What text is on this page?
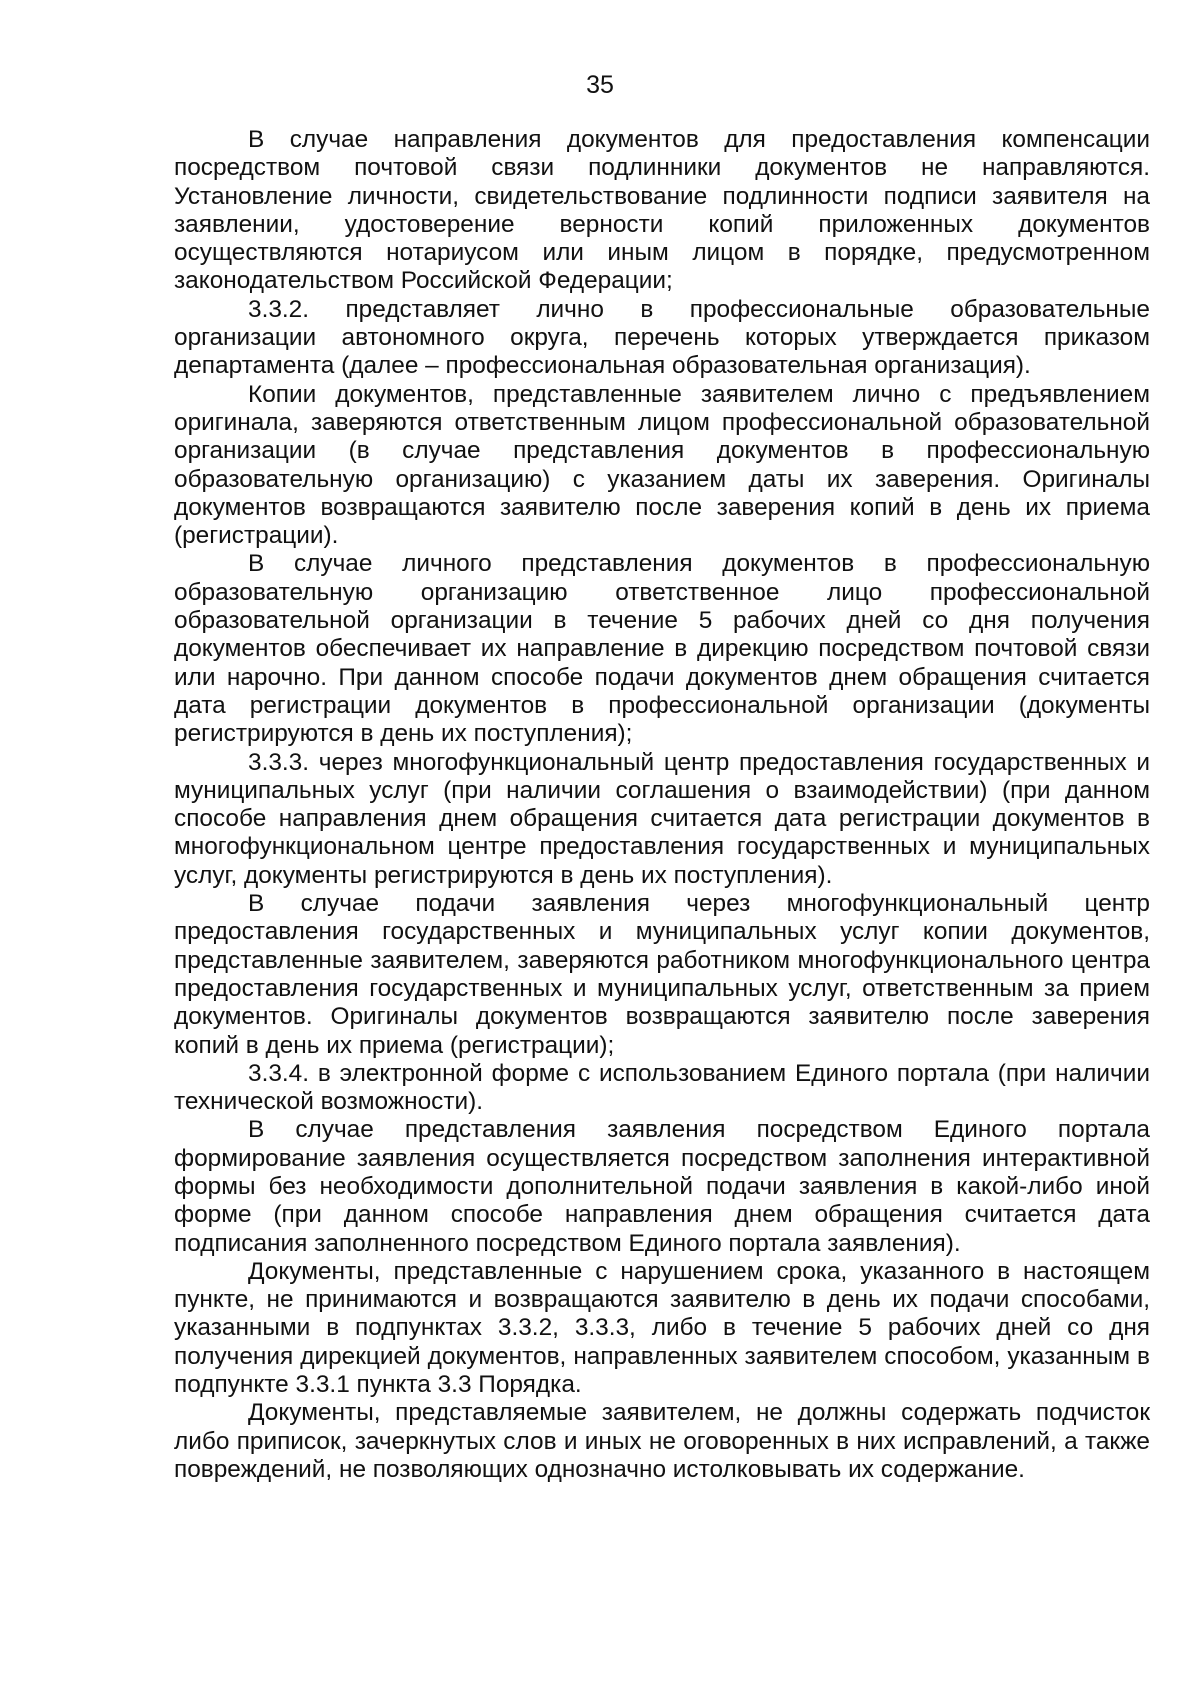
35

В случае направления документов для предоставления компенсации посредством почтовой связи подлинники документов не направляются. Установление личности, свидетельствование подлинности подписи заявителя на заявлении, удостоверение верности копий приложенных документов осуществляются нотариусом или иным лицом в порядке, предусмотренном законодательством Российской Федерации;

3.3.2. представляет лично в профессиональные образовательные организации автономного округа, перечень которых утверждается приказом департамента (далее – профессиональная образовательная организация).

Копии документов, представленные заявителем лично с предъявлением оригинала, заверяются ответственным лицом профессиональной образовательной организации (в случае представления документов в профессиональную образовательную организацию) с указанием даты их заверения. Оригиналы документов возвращаются заявителю после заверения копий в день их приема (регистрации).

В случае личного представления документов в профессиональную образовательную организацию ответственное лицо профессиональной образовательной организации в течение 5 рабочих дней со дня получения документов обеспечивает их направление в дирекцию посредством почтовой связи или нарочно. При данном способе подачи документов днем обращения считается дата регистрации документов в профессиональной организации (документы регистрируются в день их поступления);

3.3.3. через многофункциональный центр предоставления государственных и муниципальных услуг (при наличии соглашения о взаимодействии) (при данном способе направления днем обращения считается дата регистрации документов в многофункциональном центре предоставления государственных и муниципальных услуг, документы регистрируются в день их поступления).

В случае подачи заявления через многофункциональный центр предоставления государственных и муниципальных услуг копии документов, представленные заявителем, заверяются работником многофункционального центра предоставления государственных и муниципальных услуг, ответственным за прием документов. Оригиналы документов возвращаются заявителю после заверения копий в день их приема (регистрации);

3.3.4. в электронной форме с использованием Единого портала (при наличии технической возможности).

В случае представления заявления посредством Единого портала формирование заявления осуществляется посредством заполнения интерактивной формы без необходимости дополнительной подачи заявления в какой-либо иной форме (при данном способе направления днем обращения считается дата подписания заполненного посредством Единого портала заявления).

Документы, представленные с нарушением срока, указанного в настоящем пункте, не принимаются и возвращаются заявителю в день их подачи способами, указанными в подпунктах 3.3.2, 3.3.3, либо в течение 5 рабочих дней со дня получения дирекцией документов, направленных заявителем способом, указанным в подпункте 3.3.1 пункта 3.3 Порядка.

Документы, представляемые заявителем, не должны содержать подчисток либо приписок, зачеркнутых слов и иных не оговоренных в них исправлений, а также повреждений, не позволяющих однозначно истолковывать их содержание.
